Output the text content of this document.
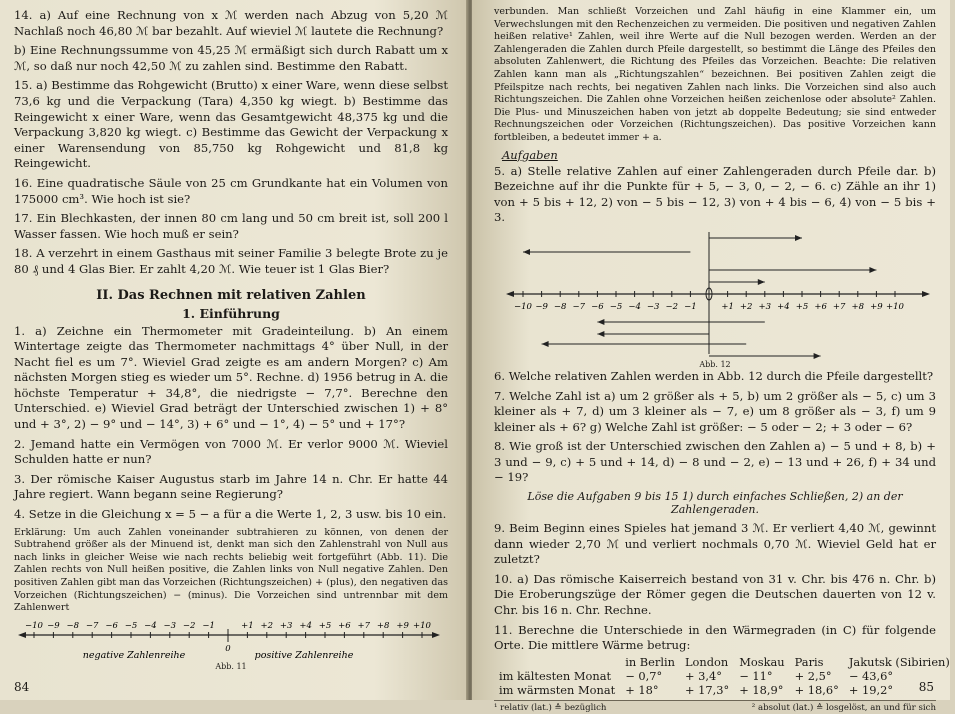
14. a) Auf eine Rechnung von x ℳ werden nach Abzug von 5,20 ℳ Nachlaß noch 46,80 ℳ bar bezahlt. Auf wieviel ℳ lautete die Rechnung?

b) Eine Rechnungssumme von 45,25 ℳ ermäßigt sich durch Rabatt um x ℳ, so daß nur noch 42,50 ℳ zu zahlen sind. Bestimme den Rabatt.

15. a) Bestimme das Rohgewicht (Brutto) x einer Ware, wenn diese selbst 73,6 kg und die Verpackung (Tara) 4,350 kg wiegt. b) Bestimme das Reingewicht x einer Ware, wenn das Gesamtgewicht 48,375 kg und die Verpackung 3,820 kg wiegt. c) Bestimme das Gewicht der Verpackung x einer Warensendung von 85,750 kg Rohgewicht und 81,8 kg Reingewicht.

16. Eine quadratische Säule von 25 cm Grundkante hat ein Volumen von 175000 cm³. Wie hoch ist sie?

17. Ein Blechkasten, der innen 80 cm lang und 50 cm breit ist, soll 200 l Wasser fassen. Wie hoch muß er sein?

18. A verzehrt in einem Gasthaus mit seiner Familie 3 belegte Brote zu je 80 ₰ und 4 Glas Bier. Er zahlt 4,20 ℳ. Wie teuer ist 1 Glas Bier?

II. Das Rechnen mit relativen Zahlen
1. Einführung

1. a) Zeichne ein Thermometer mit Gradeinteilung. b) An einem Wintertage zeigte das Thermometer nachmittags 4° über Null, in der Nacht fiel es um 7°. Wieviel Grad zeigte es am andern Morgen? c) Am nächsten Morgen stieg es wieder um 5°. Rechne. d) 1956 betrug in A. die höchste Temperatur + 34,8°, die niedrigste − 7,7°. Berechne den Unterschied. e) Wieviel Grad beträgt der Unterschied zwischen 1) + 8° und + 3°, 2) − 9° und − 14°, 3) + 6° und − 1°, 4) − 5° und + 17°?

2. Jemand hatte ein Vermögen von 7000 ℳ. Er verlor 9000 ℳ. Wieviel Schulden hatte er nun?

3. Der römische Kaiser Augustus starb im Jahre 14 n. Chr. Er hatte 44 Jahre regiert. Wann begann seine Regierung?

4. Setze in die Gleichung x = 5 − a für a die Werte 1, 2, 3 usw. bis 10 ein.

Erklärung: Um auch Zahlen voneinander subtrahieren zu können, von denen der Subtrahend größer als der Minuend ist, denkt man sich den Zahlenstrahl von Null aus nach links in gleicher Weise wie nach rechts beliebig weit fortgeführt (Abb. 11). Die Zahlen rechts von Null heißen positive, die Zahlen links von Null negative Zahlen. Den positiven Zahlen gibt man das Vorzeichen (Richtungszeichen) + (plus), den negativen das Vorzeichen (Richtungszeichen) − (minus). Die Vorzeichen sind untrennbar mit dem Zahlenwert

−10 −9 −8 −7 −6 −5 −4 −3 −2 −1
0
+1 +2 +3 +4 +5 +6 +7 +8 +9 +10
negative Zahlenreihe	positive Zahlenreihe

Abb. 11

84

verbunden. Man schließt Vorzeichen und Zahl häufig in eine Klammer ein, um Verwechslungen mit den Rechenzeichen zu vermeiden. Die positiven und negativen Zahlen heißen relative¹ Zahlen, weil ihre Werte auf die Null bezogen werden. Werden an der Zahlengeraden die Zahlen durch Pfeile dargestellt, so bestimmt die Länge des Pfeiles den absoluten Zahlenwert, die Richtung des Pfeiles das Vorzeichen. Beachte: Die relativen Zahlen kann man als „Richtungszahlen“ bezeichnen. Bei positiven Zahlen zeigt die Pfeilspitze nach rechts, bei negativen Zahlen nach links. Die Vorzeichen sind also auch Richtungszeichen. Die Zahlen ohne Vorzeichen heißen zeichenlose oder absolute² Zahlen. Die Plus- und Minuszeichen haben von jetzt ab doppelte Bedeutung; sie sind entweder Rechnungszeichen oder Vorzeichen (Richtungszeichen). Das positive Vorzeichen kann fortbleiben, a bedeutet immer + a.

Aufgaben

5. a) Stelle relative Zahlen auf einer Zahlengeraden durch Pfeile dar. b) Bezeichne auf ihr die Punkte für + 5, − 3, 0, − 2, − 6. c) Zähle an ihr 1) von + 5 bis + 12, 2) von − 5 bis − 12, 3) von + 4 bis − 6, 4) von − 5 bis + 3.

−10 −9 −8 −7 −6 −5 −4 −3 −2 −1	+1 +2 +3 +4 +5 +6 +7 +8 +9 +10

Abb. 12

6. Welche relativen Zahlen werden in Abb. 12 durch die Pfeile dargestellt?

7. Welche Zahl ist a) um 2 größer als + 5, b) um 2 größer als − 5, c) um 3 kleiner als + 7, d) um 3 kleiner als − 7, e) um 8 größer als − 3, f) um 9 kleiner als + 6? g) Welche Zahl ist größer: − 5 oder − 2; + 3 oder − 6?

8. Wie groß ist der Unterschied zwischen den Zahlen a) − 5 und + 8, b) + 3 und − 9, c) + 5 und + 14, d) − 8 und − 2, e) − 13 und + 26, f) + 34 und − 19?

Löse die Aufgaben 9 bis 15 1) durch einfaches Schließen, 2) an der Zahlengeraden.

9. Beim Beginn eines Spieles hat jemand 3 ℳ. Er verliert 4,40 ℳ, gewinnt dann wieder 2,70 ℳ und verliert nochmals 0,70 ℳ. Wieviel Geld hat er zuletzt?

10. a) Das römische Kaiserreich bestand von 31 v. Chr. bis 476 n. Chr. b) Die Eroberungszüge der Römer gegen die Deutschen dauerten von 12 v. Chr. bis 16 n. Chr. Rechne.

11. Berechne die Unterschiede in den Wärmegraden (in C) für folgende Orte. Die mittlere Wärme betrug:

	in Berlin	London	Moskau	Paris	Jakutsk (Sibirien)
im kältesten Monat	− 0,7°	+ 3,4°	− 11°	+ 2,5°	− 43,6°
im wärmsten Monat	+ 18°	+ 17,3°	+ 18,9°	+ 18,6°	+ 19,2°
¹ relativ (lat.) ≙ bezüglich	² absolut (lat.) ≙ losgelöst, an und für sich
85
